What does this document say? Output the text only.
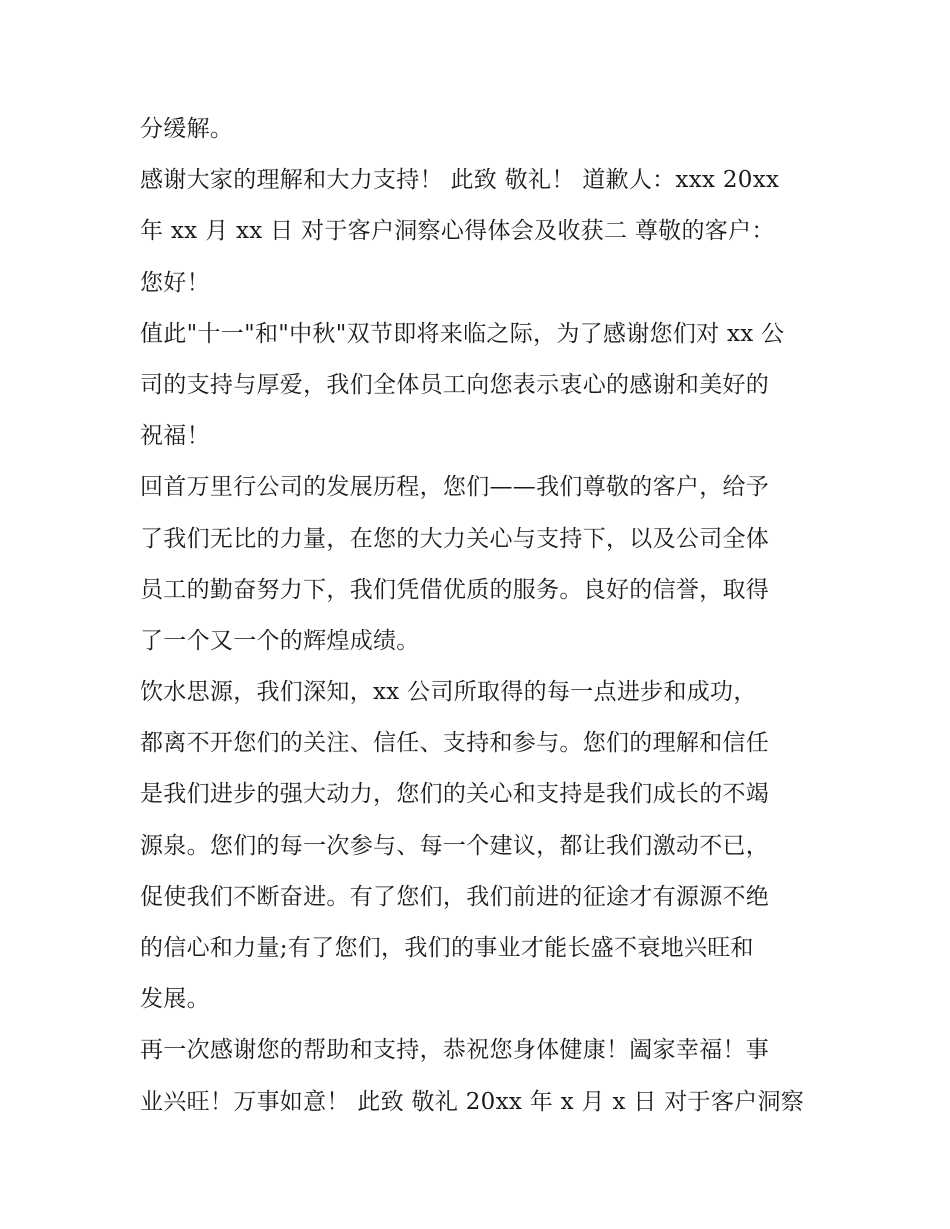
分缓解。
感谢大家的理解和大力支持！ 此致 敬礼！ 道歉人：xxx 20xx
年 xx 月 xx 日 对于客户洞察心得体会及收获二 尊敬的客户：
您好！
值此"十一"和"中秋"双节即将来临之际，为了感谢您们对 xx 公
司的支持与厚爱，我们全体员工向您表示衷心的感谢和美好的
祝福！
回首万里行公司的发展历程，您们——我们尊敬的客户，给予
了我们无比的力量，在您的大力关心与支持下，以及公司全体
员工的勤奋努力下，我们凭借优质的服务。良好的信誉，取得
了一个又一个的辉煌成绩。
饮水思源，我们深知，xx 公司所取得的每一点进步和成功，
都离不开您们的关注、信任、支持和参与。您们的理解和信任
是我们进步的强大动力，您们的关心和支持是我们成长的不竭
源泉。您们的每一次参与、每一个建议，都让我们激动不已，
促使我们不断奋进。有了您们，我们前进的征途才有源源不绝
的信心和力量;有了您们，我们的事业才能长盛不衰地兴旺和
发展。
再一次感谢您的帮助和支持，恭祝您身体健康！阖家幸福！事
业兴旺！万事如意！ 此致 敬礼 20xx 年 x 月 x 日 对于客户洞察
